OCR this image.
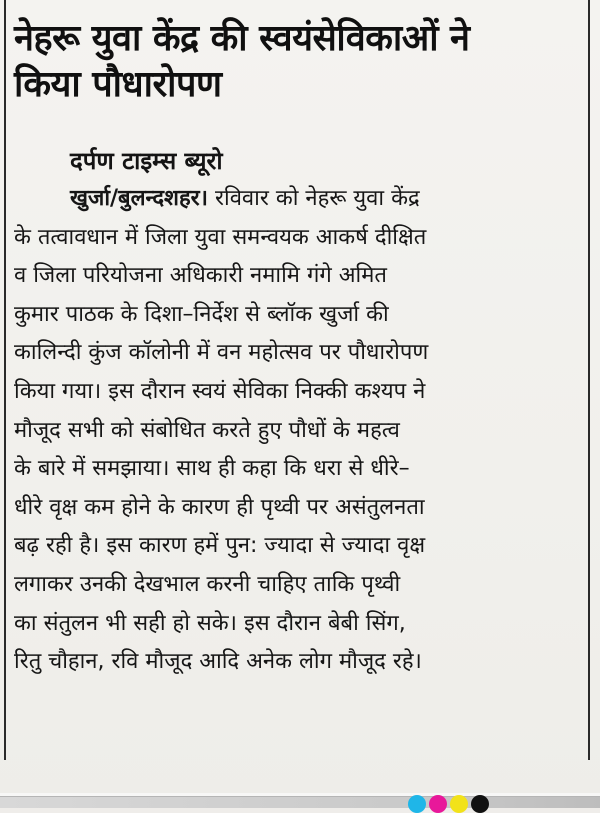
नेहरू युवा केंद्र की स्वयंसेविकाओं ने
किया पौधारोपण
दर्पण टाइम्स ब्यूरो
खुर्जा/बुलन्दशहर। रविवार को नेहरू युवा केंद्र
के तत्वावधान में जिला युवा समन्वयक आकर्ष दीक्षित
व जिला परियोजना अधिकारी नमामि गंगे अमित
कुमार पाठक के दिशा–निर्देश से ब्लॉक खुर्जा की
कालिन्दी कुंज कॉलोनी में वन महोत्सव पर पौधारोपण
किया गया। इस दौरान स्वयं सेविका निक्की कश्यप ने
मौजूद सभी को संबोधित करते हुए पौधों के महत्व
के बारे में समझाया। साथ ही कहा कि धरा से धीरे–
धीरे वृक्ष कम होने के कारण ही पृथ्वी पर असंतुलनता
बढ़ रही है। इस कारण हमें पुन: ज्यादा से ज्यादा वृक्ष
लगाकर उनकी देखभाल करनी चाहिए ताकि पृथ्वी
का संतुलन भी सही हो सके। इस दौरान बेबी सिंग,
रितु चौहान, रवि मौजूद आदि अनेक लोग मौजूद रहे।
